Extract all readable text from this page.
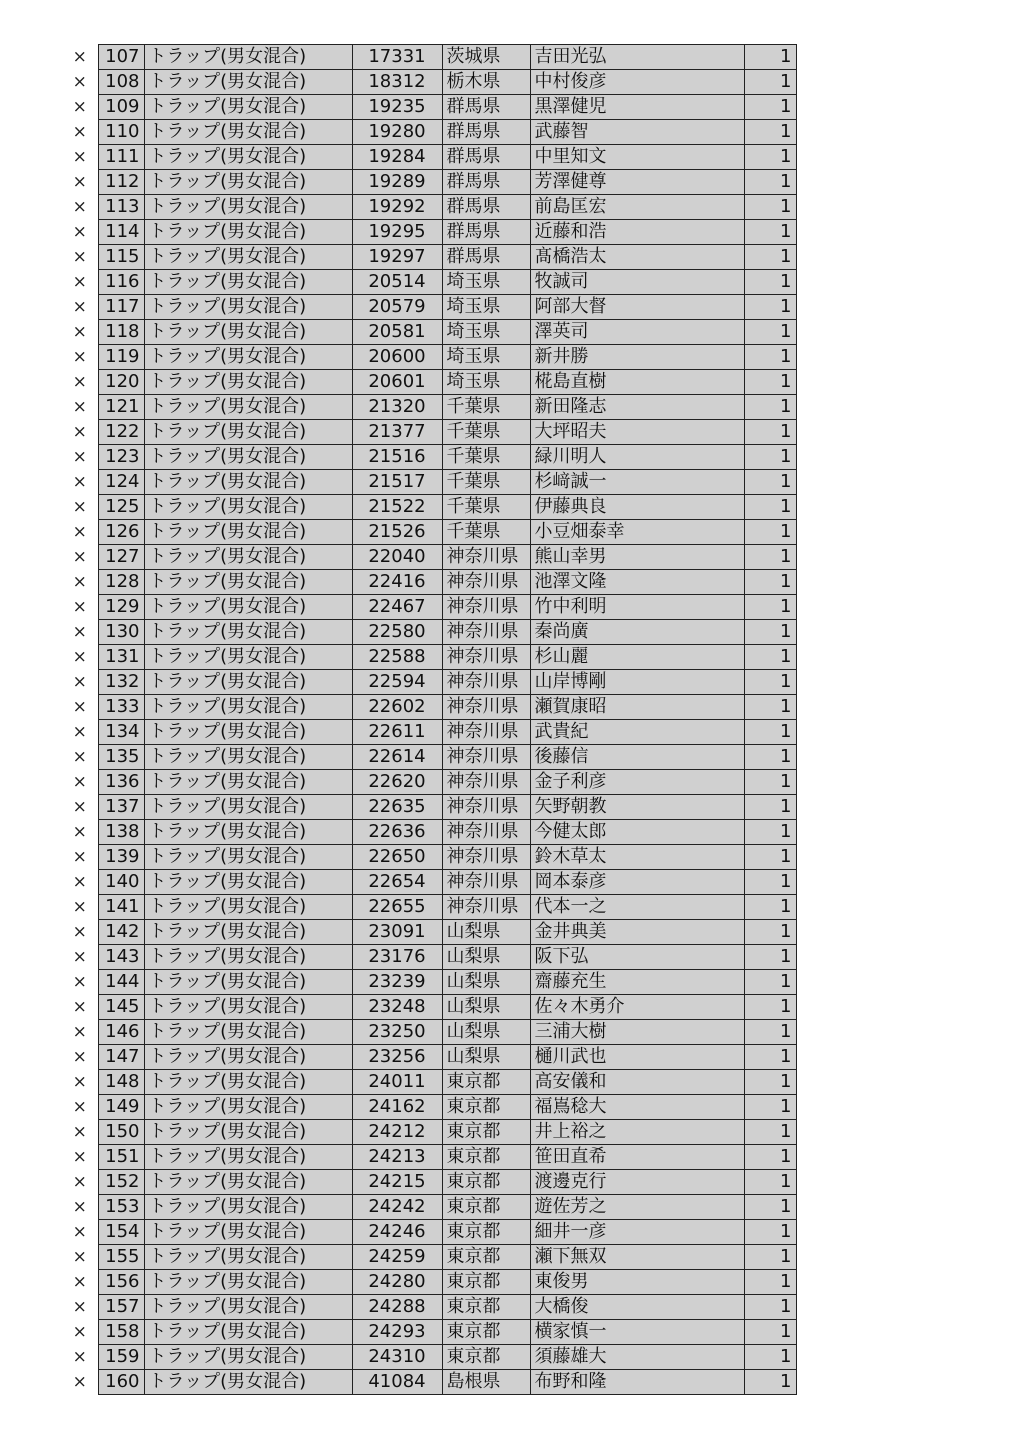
×	107	トラップ(男女混合)	17331	茨城県	吉田光弘	1
×	108	トラップ(男女混合)	18312	栃木県	中村俊彦	1
×	109	トラップ(男女混合)	19235	群馬県	黒澤健児	1
×	110	トラップ(男女混合)	19280	群馬県	武藤智	1
×	111	トラップ(男女混合)	19284	群馬県	中里知文	1
×	112	トラップ(男女混合)	19289	群馬県	芳澤健尊	1
×	113	トラップ(男女混合)	19292	群馬県	前島匡宏	1
×	114	トラップ(男女混合)	19295	群馬県	近藤和浩	1
×	115	トラップ(男女混合)	19297	群馬県	髙橋浩太	1
×	116	トラップ(男女混合)	20514	埼玉県	牧誠司	1
×	117	トラップ(男女混合)	20579	埼玉県	阿部大督	1
×	118	トラップ(男女混合)	20581	埼玉県	澤英司	1
×	119	トラップ(男女混合)	20600	埼玉県	新井勝	1
×	120	トラップ(男女混合)	20601	埼玉県	椛島直樹	1
×	121	トラップ(男女混合)	21320	千葉県	新田隆志	1
×	122	トラップ(男女混合)	21377	千葉県	大坪昭夫	1
×	123	トラップ(男女混合)	21516	千葉県	緑川明人	1
×	124	トラップ(男女混合)	21517	千葉県	杉﨑誠一	1
×	125	トラップ(男女混合)	21522	千葉県	伊藤典良	1
×	126	トラップ(男女混合)	21526	千葉県	小豆畑泰幸	1
×	127	トラップ(男女混合)	22040	神奈川県	熊山幸男	1
×	128	トラップ(男女混合)	22416	神奈川県	池澤文隆	1
×	129	トラップ(男女混合)	22467	神奈川県	竹中利明	1
×	130	トラップ(男女混合)	22580	神奈川県	秦尚廣	1
×	131	トラップ(男女混合)	22588	神奈川県	杉山麗	1
×	132	トラップ(男女混合)	22594	神奈川県	山岸博剛	1
×	133	トラップ(男女混合)	22602	神奈川県	瀬賀康昭	1
×	134	トラップ(男女混合)	22611	神奈川県	武貴紀	1
×	135	トラップ(男女混合)	22614	神奈川県	後藤信	1
×	136	トラップ(男女混合)	22620	神奈川県	金子利彦	1
×	137	トラップ(男女混合)	22635	神奈川県	矢野朝教	1
×	138	トラップ(男女混合)	22636	神奈川県	今健太郎	1
×	139	トラップ(男女混合)	22650	神奈川県	鈴木草太	1
×	140	トラップ(男女混合)	22654	神奈川県	岡本泰彦	1
×	141	トラップ(男女混合)	22655	神奈川県	代本一之	1
×	142	トラップ(男女混合)	23091	山梨県	金井典美	1
×	143	トラップ(男女混合)	23176	山梨県	阪下弘	1
×	144	トラップ(男女混合)	23239	山梨県	齋藤充生	1
×	145	トラップ(男女混合)	23248	山梨県	佐々木勇介	1
×	146	トラップ(男女混合)	23250	山梨県	三浦大樹	1
×	147	トラップ(男女混合)	23256	山梨県	樋川武也	1
×	148	トラップ(男女混合)	24011	東京都	高安儀和	1
×	149	トラップ(男女混合)	24162	東京都	福嶌稔大	1
×	150	トラップ(男女混合)	24212	東京都	井上裕之	1
×	151	トラップ(男女混合)	24213	東京都	笹田直希	1
×	152	トラップ(男女混合)	24215	東京都	渡邊克行	1
×	153	トラップ(男女混合)	24242	東京都	遊佐芳之	1
×	154	トラップ(男女混合)	24246	東京都	細井一彦	1
×	155	トラップ(男女混合)	24259	東京都	瀬下無双	1
×	156	トラップ(男女混合)	24280	東京都	東俊男	1
×	157	トラップ(男女混合)	24288	東京都	大橋俊	1
×	158	トラップ(男女混合)	24293	東京都	横家慎一	1
×	159	トラップ(男女混合)	24310	東京都	須藤雄大	1
×	160	トラップ(男女混合)	41084	島根県	布野和隆	1
